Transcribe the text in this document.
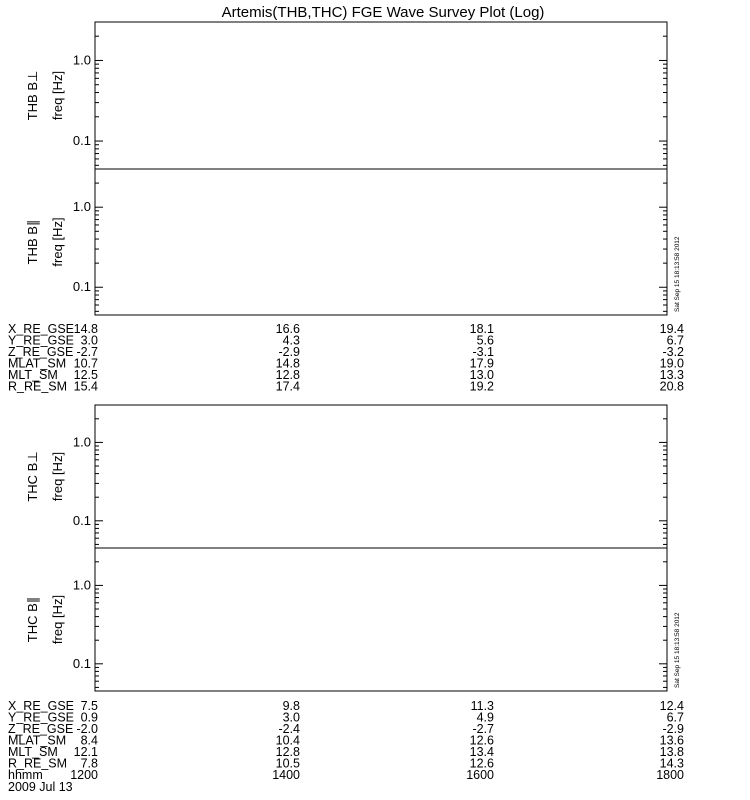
Artemis(THB,THC) FGE Wave Survey Plot (Log)
0.1
1.0
THB B⊥ freq [Hz]
0.1
1.0
THB B∥ freq [Hz]
0.1
1.0
THC B⊥ freq [Hz]
0.1
1.0
THC B∥ freq [Hz]
Sat Sep 15 18:13:58 2012
Sat Sep 15 18:13:58 2012
X_RE_GSE 14.8	16.6	18.1	19.4
Y_RE_GSE 3.0	4.3	5.6	6.7
Z_RE_GSE -2.7	-2.9	-3.1	-3.2
MLAT_SM 10.7	14.8	17.9	19.0
MLT_SM 12.5	12.8	13.0	13.3
R_RE_SM 15.4	17.4	19.2	20.8
X_RE_GSE 7.5	9.8	11.3	12.4
Y_RE_GSE 0.9	3.0	4.9	6.7
Z_RE_GSE -2.0	-2.4	-2.7	-2.9
MLAT_SM 8.4	10.4	12.6	13.6
MLT_SM 12.1	12.8	13.4	13.8
R_RE_SM 7.8	10.5	12.6	14.3
hhmm 1200	1400	1600	1800
2009 Jul 13
